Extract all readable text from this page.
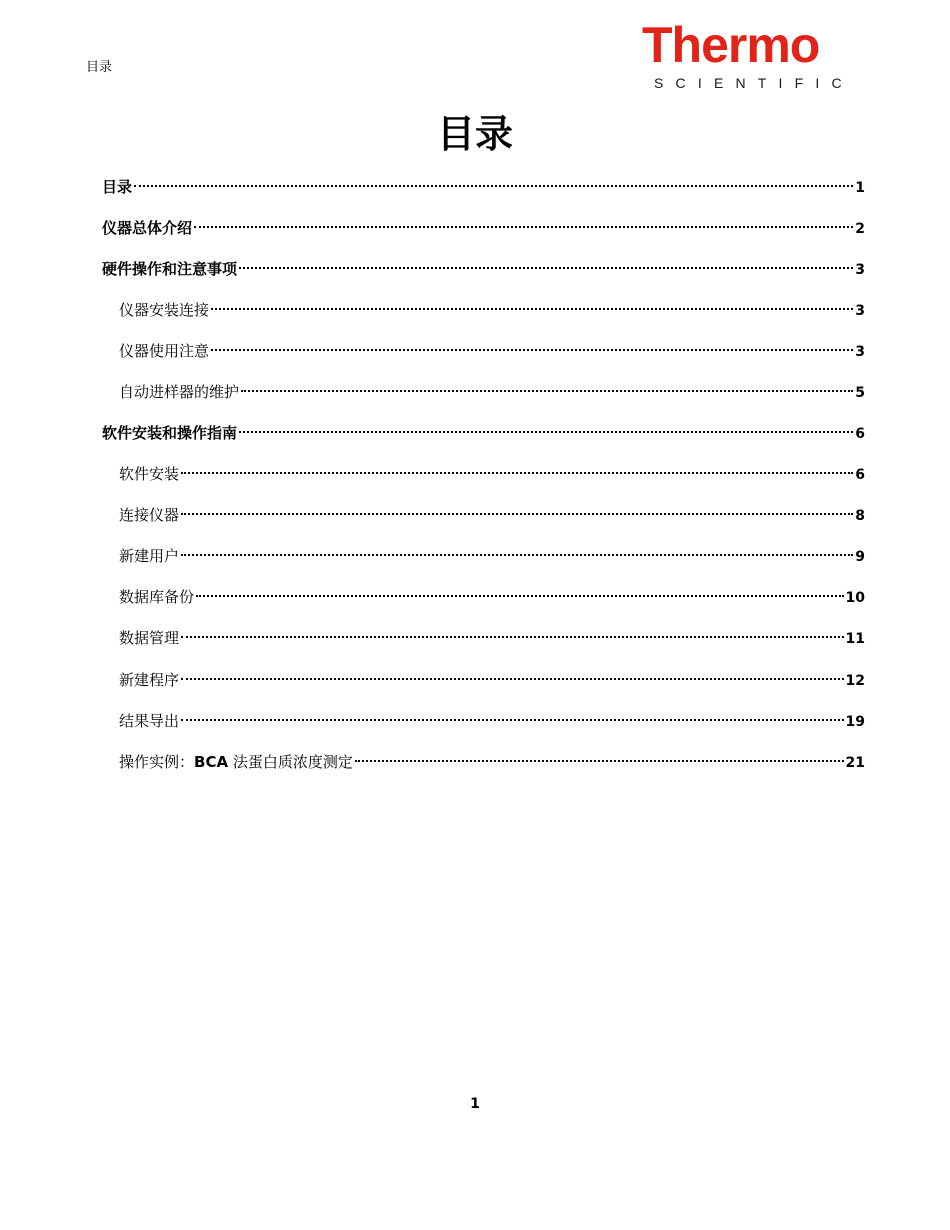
目录	Thermo
SCIENTIFIC
目录
目录	1
仪器总体介绍	2
硬件操作和注意事项	3
仪器安装连接	3
仪器使用注意	3
自动进样器的维护	5
软件安装和操作指南	6
软件安装	6
连接仪器	8
新建用户	9
数据库备份	10
数据管理	11
新建程序	12
结果导出	19
操作实例：BCA 法蛋白质浓度测定	21
1
